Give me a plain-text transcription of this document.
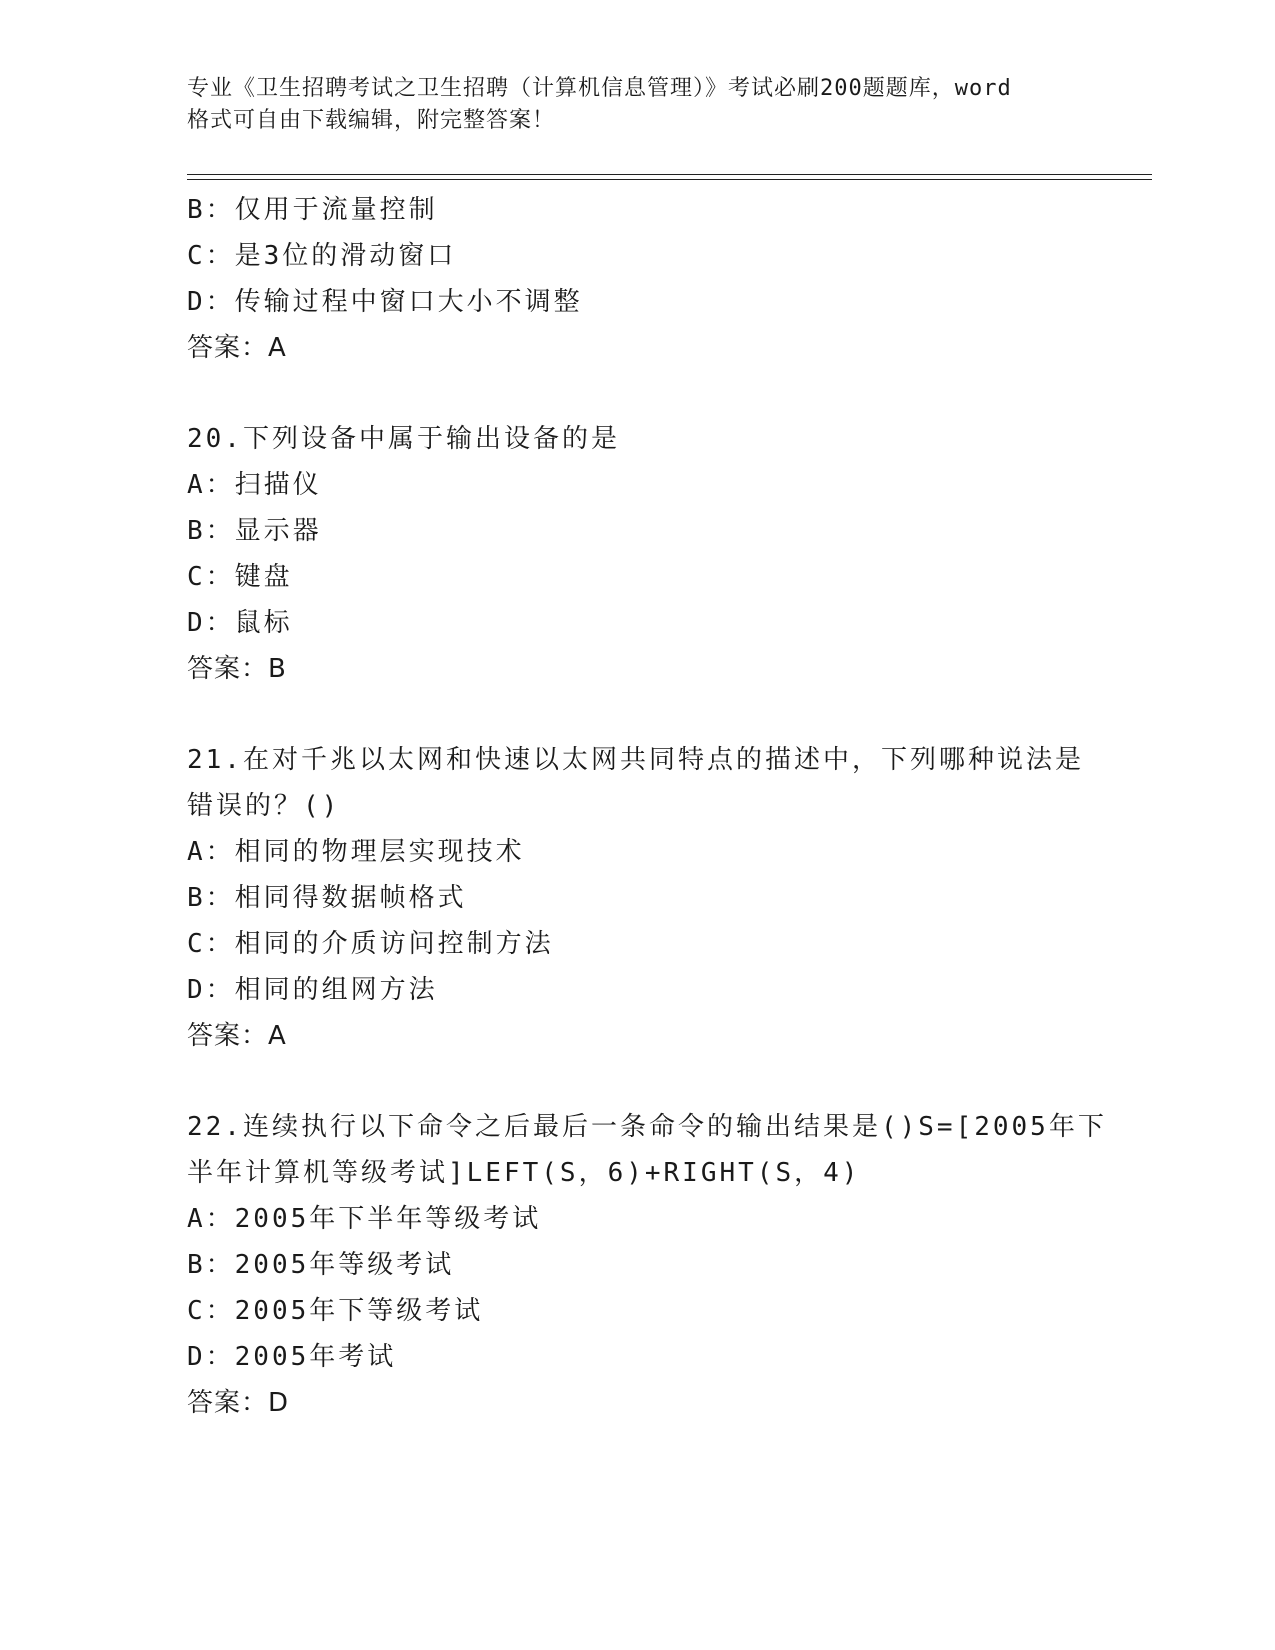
专业《卫生招聘考试之卫生招聘（计算机信息管理）》考试必刷200题题库，word
格式可自由下载编辑，附完整答案！
B：仅用于流量控制
C：是3位的滑动窗口
D：传输过程中窗口大小不调整
答案：A
20.下列设备中属于输出设备的是
A：扫描仪
B：显示器
C：键盘
D：鼠标
答案：B
21.在对千兆以太网和快速以太网共同特点的描述中，下列哪种说法是
错误的？()
A：相同的物理层实现技术
B：相同得数据帧格式
C：相同的介质访问控制方法
D：相同的组网方法
答案：A
22.连续执行以下命令之后最后一条命令的输出结果是()S=[2005年下
半年计算机等级考试]LEFT(S，6)+RIGHT(S，4)
A：2005年下半年等级考试
B：2005年等级考试
C：2005年下等级考试
D：2005年考试
答案：D
